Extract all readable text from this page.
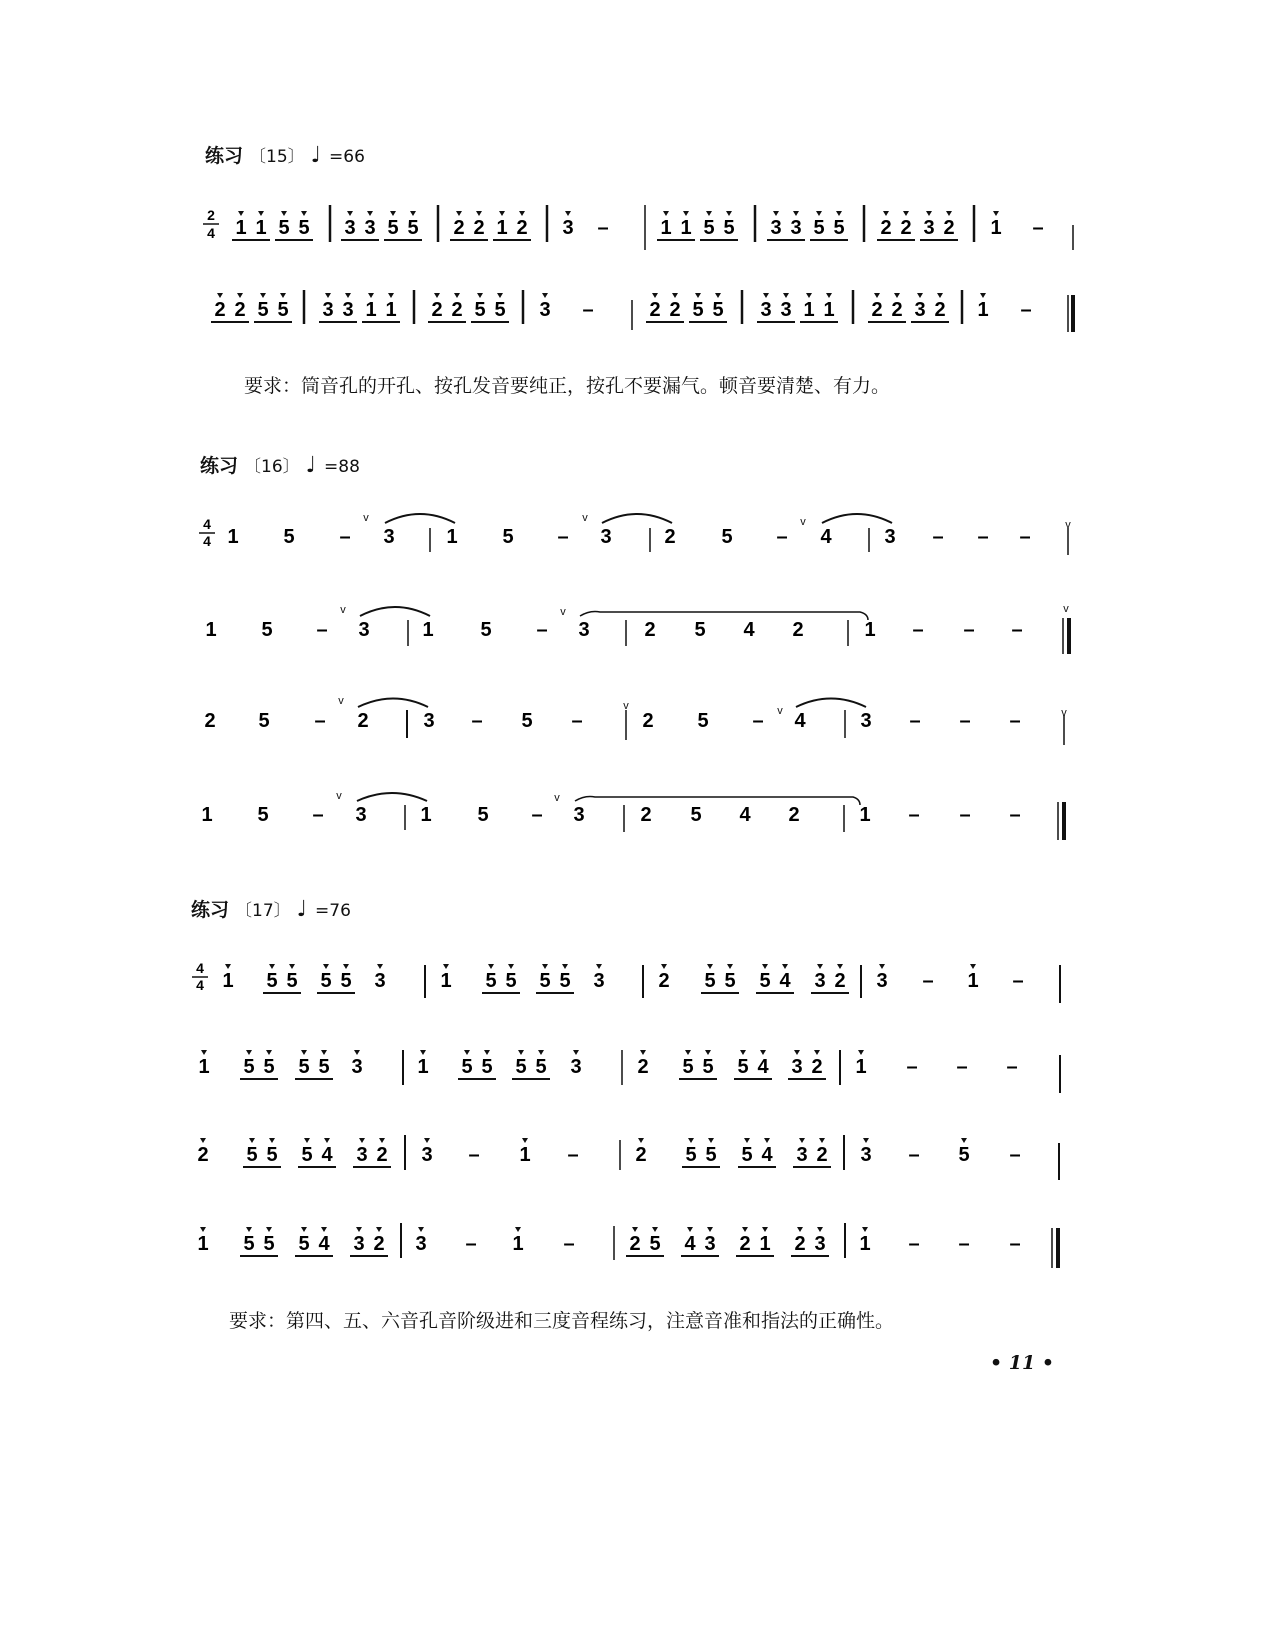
练习 〔15〕 ♩ =66
2
4 1 1 5 5 3 3 5 5 2 2 1 2 3 –	1 1 5 5 3 3 5 5 2 2 3 2 1 –
2 2 5 5 3 3 1 1 2 2 5 5 3 –	2 2 5 5 3 3 1 1 2 2 3 2 1 –
要求：筒音孔的开孔、按孔发音要纯正，按孔不要漏气。顿音要清楚、有力。
练习 〔16〕 ♩ =88
4
4 1 5 – 3	1 5 – 3	2 5 – 4	3 – – –
1 5 – 3	1 5 – 3	2 5 4 2	1 – – –
2 5 – 2	3 – 5 –	2 5 – 4	3 – – –
1 5 – 3	1 5 – 3	2 5 4 2	1 – – –
v	v	v	v
v	v	v
v	v	v	v
v	v
练习 〔17〕 ♩ =76
4
4 1 5 5 5 5 3	1 5 5 5 5 3	2 5 5 5 4 3 2 3 – 1 –
1 5 5 5 5 3	1 5 5 5 5 3	2 5 5 5 4 3 2 1 – – –
2 5 5 5 4 3 2 3 – 1 –	2 5 5 5 4 3 2 3 – 5 –
1 5 5 5 4 3 2 3 – 1 –	2 5 4 3 2 1 2 3 1 – – –
要求：第四、五、六音孔音阶级进和三度音程练习，注意音准和指法的正确性。
• 11 •
